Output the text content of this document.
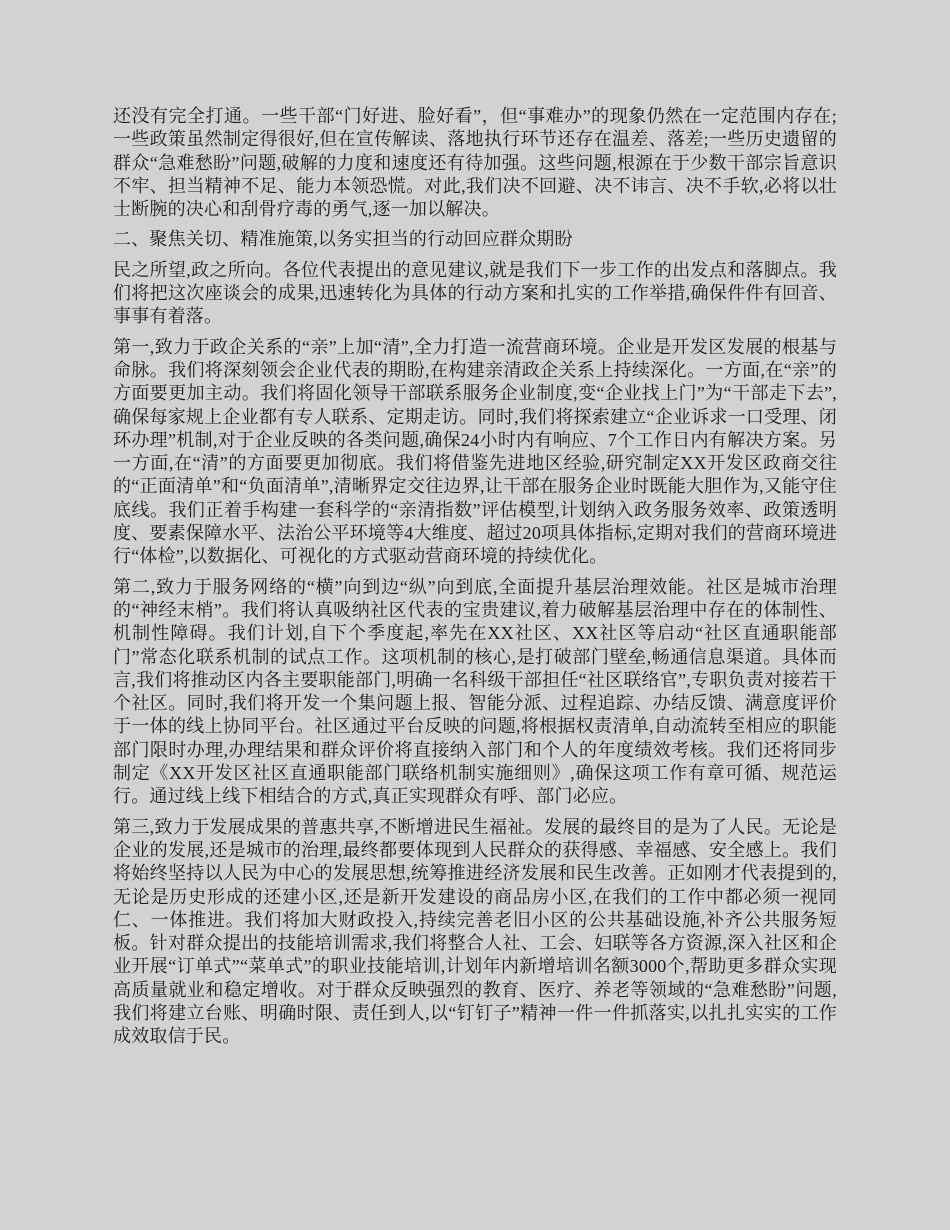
还没有完全打通。一些干部“门好进、脸好看”，但“事难办”的现象仍然在一定范围内存在;一些政策虽然制定得很好,但在宣传解读、落地执行环节还存在温差、落差;一些历史遗留的群众“急难愁盼”问题,破解的力度和速度还有待加强。这些问题,根源在于少数干部宗旨意识不牢、担当精神不足、能力本领恐慌。对此,我们决不回避、决不讳言、决不手软,必将以壮士断腕的决心和刮骨疗毒的勇气,逐一加以解决。

二、聚焦关切、精准施策,以务实担当的行动回应群众期盼

民之所望,政之所向。各位代表提出的意见建议,就是我们下一步工作的出发点和落脚点。我们将把这次座谈会的成果,迅速转化为具体的行动方案和扎实的工作举措,确保件件有回音、事事有着落。

第一,致力于政企关系的“亲”上加“清”,全力打造一流营商环境。企业是开发区发展的根基与命脉。我们将深刻领会企业代表的期盼,在构建亲清政企关系上持续深化。一方面,在“亲”的方面要更加主动。我们将固化领导干部联系服务企业制度,变“企业找上门”为“干部走下去”,确保每家规上企业都有专人联系、定期走访。同时,我们将探索建立“企业诉求一口受理、闭环办理”机制,对于企业反映的各类问题,确保24小时内有响应、7个工作日内有解决方案。另一方面,在“清”的方面要更加彻底。我们将借鉴先进地区经验,研究制定XX开发区政商交往的“正面清单”和“负面清单”,清晰界定交往边界,让干部在服务企业时既能大胆作为,又能守住底线。我们正着手构建一套科学的“亲清指数”评估模型,计划纳入政务服务效率、政策透明度、要素保障水平、法治公平环境等4大维度、超过20项具体指标,定期对我们的营商环境进行“体检”,以数据化、可视化的方式驱动营商环境的持续优化。

第二,致力于服务网络的“横”向到边“纵”向到底,全面提升基层治理效能。社区是城市治理的“神经末梢”。我们将认真吸纳社区代表的宝贵建议,着力破解基层治理中存在的体制性、机制性障碍。我们计划,自下个季度起,率先在XX社区、XX社区等启动“社区直通职能部门”常态化联系机制的试点工作。这项机制的核心,是打破部门壁垒,畅通信息渠道。具体而言,我们将推动区内各主要职能部门,明确一名科级干部担任“社区联络官”,专职负责对接若干个社区。同时,我们将开发一个集问题上报、智能分派、过程追踪、办结反馈、满意度评价于一体的线上协同平台。社区通过平台反映的问题,将根据权责清单,自动流转至相应的职能部门限时办理,办理结果和群众评价将直接纳入部门和个人的年度绩效考核。我们还将同步制定《XX开发区社区直通职能部门联络机制实施细则》,确保这项工作有章可循、规范运行。通过线上线下相结合的方式,真正实现群众有呼、部门必应。

第三,致力于发展成果的普惠共享,不断增进民生福祉。发展的最终目的是为了人民。无论是企业的发展,还是城市的治理,最终都要体现到人民群众的获得感、幸福感、安全感上。我们将始终坚持以人民为中心的发展思想,统筹推进经济发展和民生改善。正如刚才代表提到的,无论是历史形成的还建小区,还是新开发建设的商品房小区,在我们的工作中都必须一视同仁、一体推进。我们将加大财政投入,持续完善老旧小区的公共基础设施,补齐公共服务短板。针对群众提出的技能培训需求,我们将整合人社、工会、妇联等各方资源,深入社区和企业开展“订单式”“菜单式”的职业技能培训,计划年内新增培训名额3000个,帮助更多群众实现高质量就业和稳定增收。对于群众反映强烈的教育、医疗、养老等领域的“急难愁盼”问题,我们将建立台账、明确时限、责任到人,以“钉钉子”精神一件一件抓落实,以扎扎实实的工作成效取信于民。
